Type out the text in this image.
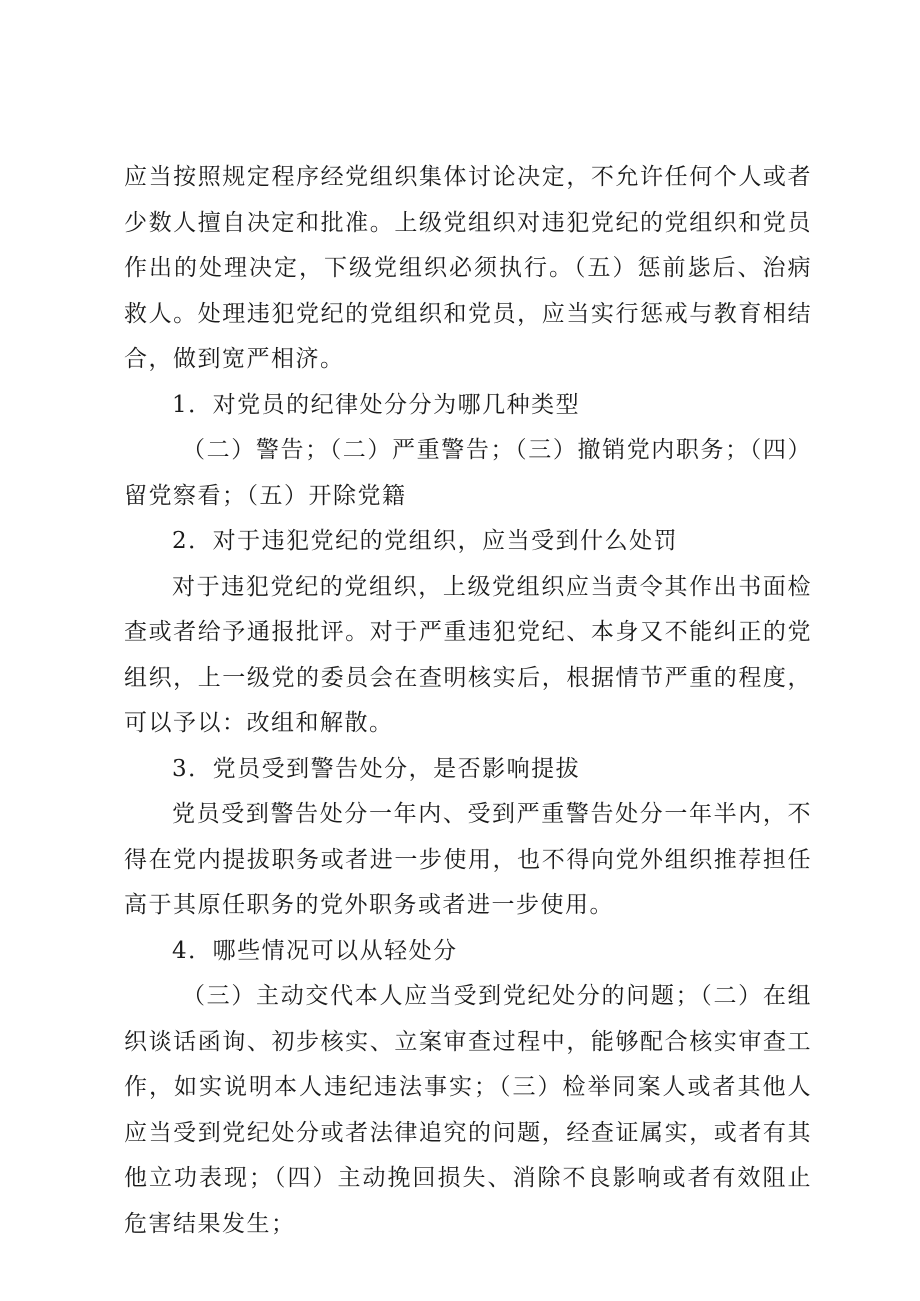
应当按照规定程序经党组织集体讨论决定，不允许任何个人或者少数人擅自决定和批准。上级党组织对违犯党纪的党组织和党员作出的处理决定，下级党组织必须执行。（五）惩前毖后、治病救人。处理违犯党纪的党组织和党员，应当实行惩戒与教育相结合，做到宽严相济。

1．对党员的纪律处分分为哪几种类型

（二）警告；（二）严重警告；（三）撤销党内职务；（四）留党察看；（五）开除党籍

2．对于违犯党纪的党组织，应当受到什么处罚

对于违犯党纪的党组织，上级党组织应当责令其作出书面检查或者给予通报批评。对于严重违犯党纪、本身又不能纠正的党组织，上一级党的委员会在查明核实后，根据情节严重的程度，可以予以：改组和解散。

3．党员受到警告处分，是否影响提拔

党员受到警告处分一年内、受到严重警告处分一年半内，不得在党内提拔职务或者进一步使用，也不得向党外组织推荐担任高于其原任职务的党外职务或者进一步使用。

4．哪些情况可以从轻处分

（三）主动交代本人应当受到党纪处分的问题；（二）在组织谈话函询、初步核实、立案审查过程中，能够配合核实审查工作，如实说明本人违纪违法事实；（三）检举同案人或者其他人应当受到党纪处分或者法律追究的问题，经查证属实，或者有其他立功表现；（四）主动挽回损失、消除不良影响或者有效阻止危害结果发生；
